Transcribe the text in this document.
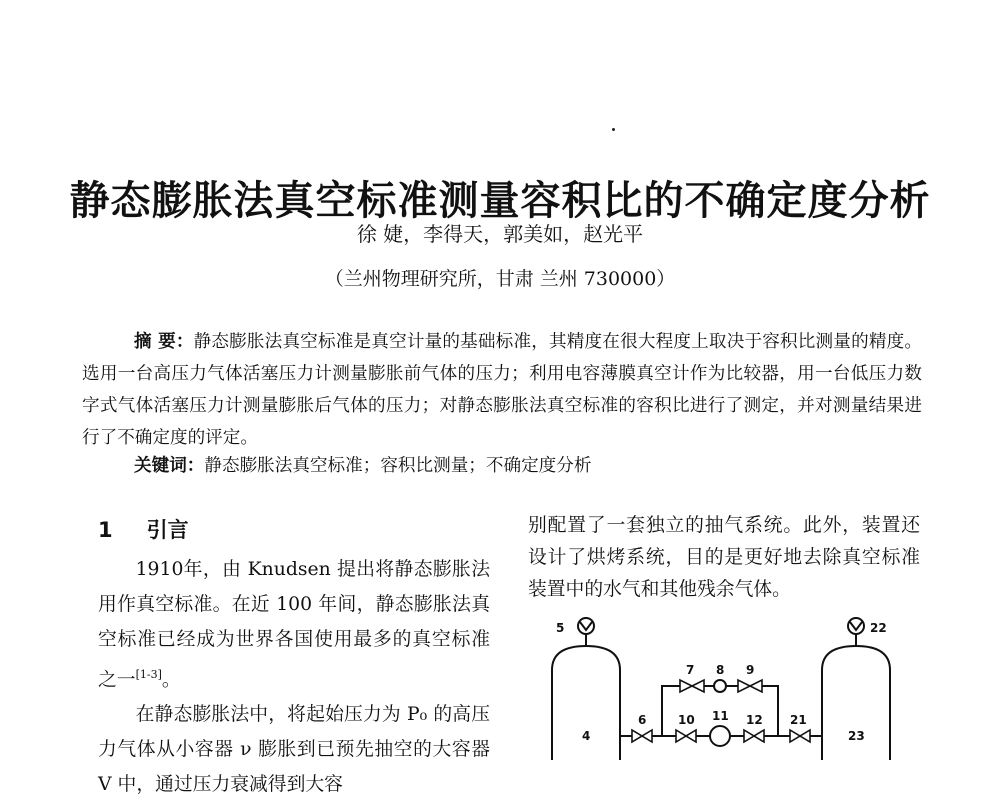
静态膨胀法真空标准测量容积比的不确定度分析
徐 婕，李得天，郭美如，赵光平
（兰州物理研究所，甘肃 兰州 730000）

摘 要：静态膨胀法真空标准是真空计量的基础标准，其精度在很大程度上取决于容积比测量的精度。选用一台高压力气体活塞压力计测量膨胀前气体的压力；利用电容薄膜真空计作为比较器，用一台低压力数字式气体活塞压力计测量膨胀后气体的压力；对静态膨胀法真空标准的容积比进行了测定，并对测量结果进行了不确定度的评定。

关键词：静态膨胀法真空标准；容积比测量；不确定度分析

1 引言

1910年，由 Knudsen 提出将静态膨胀法用作真空标准。在近 100 年间，静态膨胀法真空标准已经成为世界各国使用最多的真空标准之一[1-3]。

在静态膨胀法中，将起始压力为 P₀ 的高压力气体从小容器 ν 膨胀到已预先抽空的大容器 V 中，通过压力衰减得到大容

别配置了一套独立的抽气系统。此外，装置还设计了烘烤系统，目的是更好地去除真空标准装置中的水气和其他残余气体。

5	22
7 8 9
6	10 11 12 21
4	23
